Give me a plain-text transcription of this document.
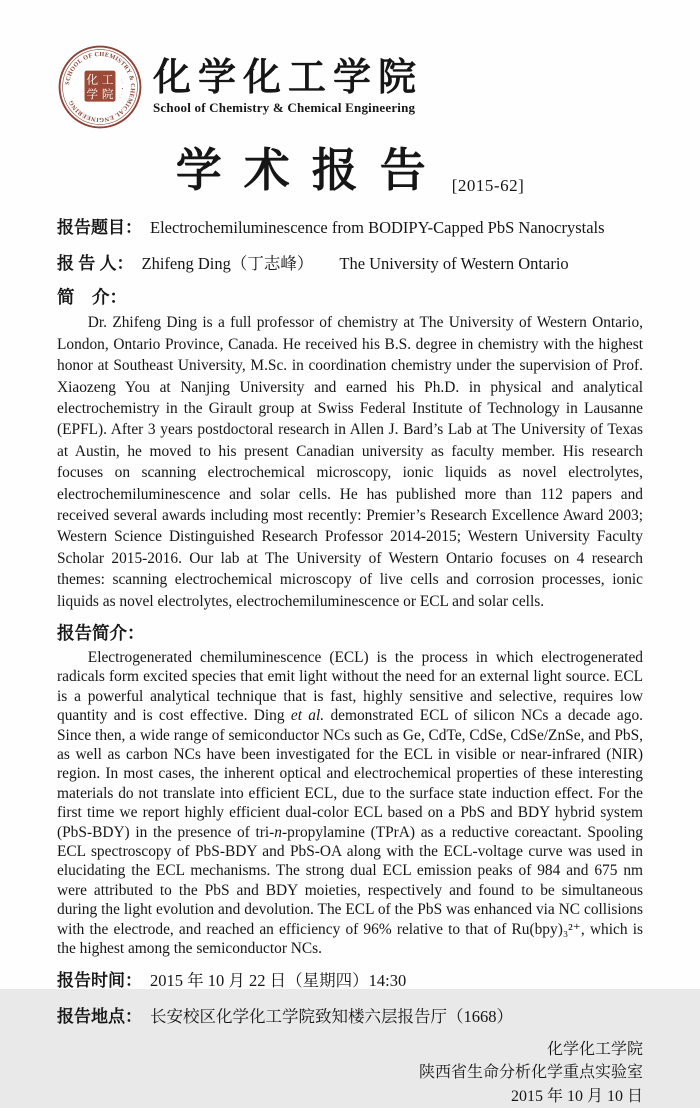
SCHOOL OF CHEMISTRY & CHEMICAL ENGINEERING
·· • ··
化 工
学 院 化学化工学院
School of Chemistry & Chemical Engineering
学术报告 [2015-62]
报告题目： Electrochemiluminescence from BODIPY-Capped PbS Nanocrystals
报 告 人： Zhifeng Ding（丁志峰） The University of Western Ontario
简　介：

Dr. Zhifeng Ding is a full professor of chemistry at The University of Western Ontario, London, Ontario Province, Canada. He received his B.S. degree in chemistry with the highest honor at Southeast University, M.Sc. in coordination chemistry under the supervision of Prof. Xiaozeng You at Nanjing University and earned his Ph.D. in physical and analytical electrochemistry in the Girault group at Swiss Federal Institute of Technology in Lausanne (EPFL). After 3 years postdoctoral research in Allen J. Bard’s Lab at The University of Texas at Austin, he moved to his present Canadian university as faculty member. His research focuses on scanning electrochemical microscopy, ionic liquids as novel electrolytes, electrochemiluminescence and solar cells. He has published more than 112 papers and received several awards including most recently: Premier’s Research Excellence Award 2003; Western Science Distinguished Research Professor 2014-2015; Western University Faculty Scholar 2015-2016. Our lab at The University of Western Ontario focuses on 4 research themes: scanning electrochemical microscopy of live cells and corrosion processes, ionic liquids as novel electrolytes, electrochemiluminescence or ECL and solar cells.

报告简介：

Electrogenerated chemiluminescence (ECL) is the process in which electrogenerated radicals form excited species that emit light without the need for an external light source. ECL is a powerful analytical technique that is fast, highly sensitive and selective, requires low quantity and is cost effective. Ding et al. demonstrated ECL of silicon NCs a decade ago. Since then, a wide range of semiconductor NCs such as Ge, CdTe, CdSe, CdSe/ZnSe, and PbS, as well as carbon NCs have been investigated for the ECL in visible or near-infrared (NIR) region. In most cases, the inherent optical and electrochemical properties of these interesting materials do not translate into efficient ECL, due to the surface state induction effect. For the first time we report highly efficient dual-color ECL based on a PbS and BDY hybrid system (PbS-BDY) in the presence of tri-n-propylamine (TPrA) as a reductive coreactant. Spooling ECL spectroscopy of PbS-BDY and PbS-OA along with the ECL-voltage curve was used in elucidating the ECL mechanisms. The strong dual ECL emission peaks of 984 and 675 nm were attributed to the PbS and BDY moieties, respectively and found to be simultaneous during the light evolution and devolution. The ECL of the PbS was enhanced via NC collisions with the electrode, and reached an efficiency of 96% relative to that of Ru(bpy)₃²⁺, which is the highest among the semiconductor NCs.

报告时间： 2015 年 10 月 22 日（星期四）14:30
报告地点： 长安校区化学化工学院致知楼六层报告厅（1668）
化学化工学院
陕西省生命分析化学重点实验室
2015 年 10 月 10 日
